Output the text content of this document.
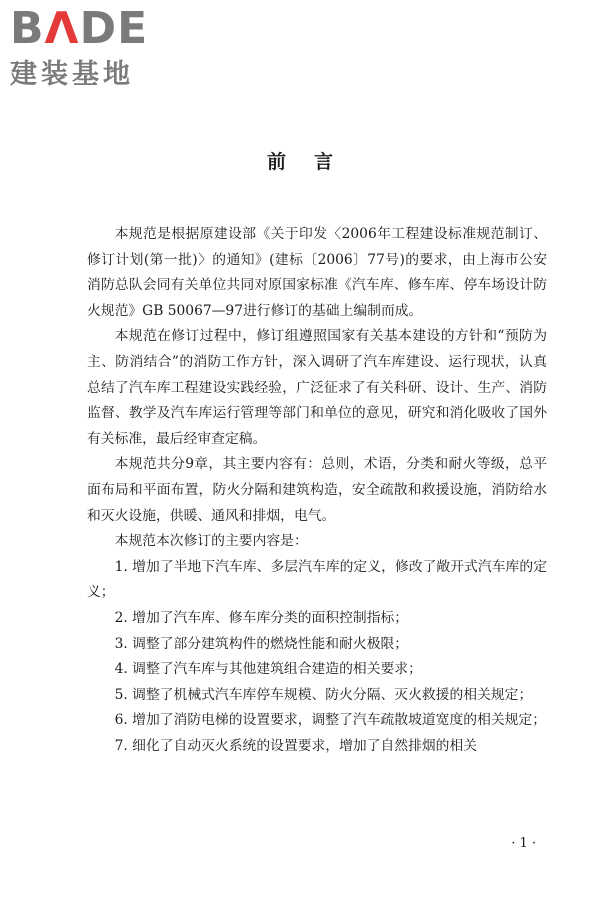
BΛDE
建装基地
前言

本规范是根据原建设部《关于印发〈2006年工程建设标准规范制订、修订计划(第一批)〉的通知》(建标〔2006〕77号)的要求，由上海市公安消防总队会同有关单位共同对原国家标准《汽车库、修车库、停车场设计防火规范》GB 50067—97进行修订的基础上编制而成。

本规范在修订过程中，修订组遵照国家有关基本建设的方针和“预防为主、防消结合”的消防工作方针，深入调研了汽车库建设、运行现状，认真总结了汽车库工程建设实践经验，广泛征求了有关科研、设计、生产、消防监督、教学及汽车库运行管理等部门和单位的意见，研究和消化吸收了国外有关标准，最后经审查定稿。

本规范共分9章，其主要内容有：总则，术语，分类和耐火等级，总平面布局和平面布置，防火分隔和建筑构造，安全疏散和救援设施，消防给水和灭火设施，供暖、通风和排烟，电气。

本规范本次修订的主要内容是：

1. 增加了半地下汽车库、多层汽车库的定义，修改了敞开式汽车库的定义；

2. 增加了汽车库、修车库分类的面积控制指标；

3. 调整了部分建筑构件的燃烧性能和耐火极限；

4. 调整了汽车库与其他建筑组合建造的相关要求；

5. 调整了机械式汽车库停车规模、防火分隔、灭火救援的相关规定；

6. 增加了消防电梯的设置要求，调整了汽车疏散坡道宽度的相关规定；

7. 细化了自动灭火系统的设置要求，增加了自然排烟的相关

· 1 ·
